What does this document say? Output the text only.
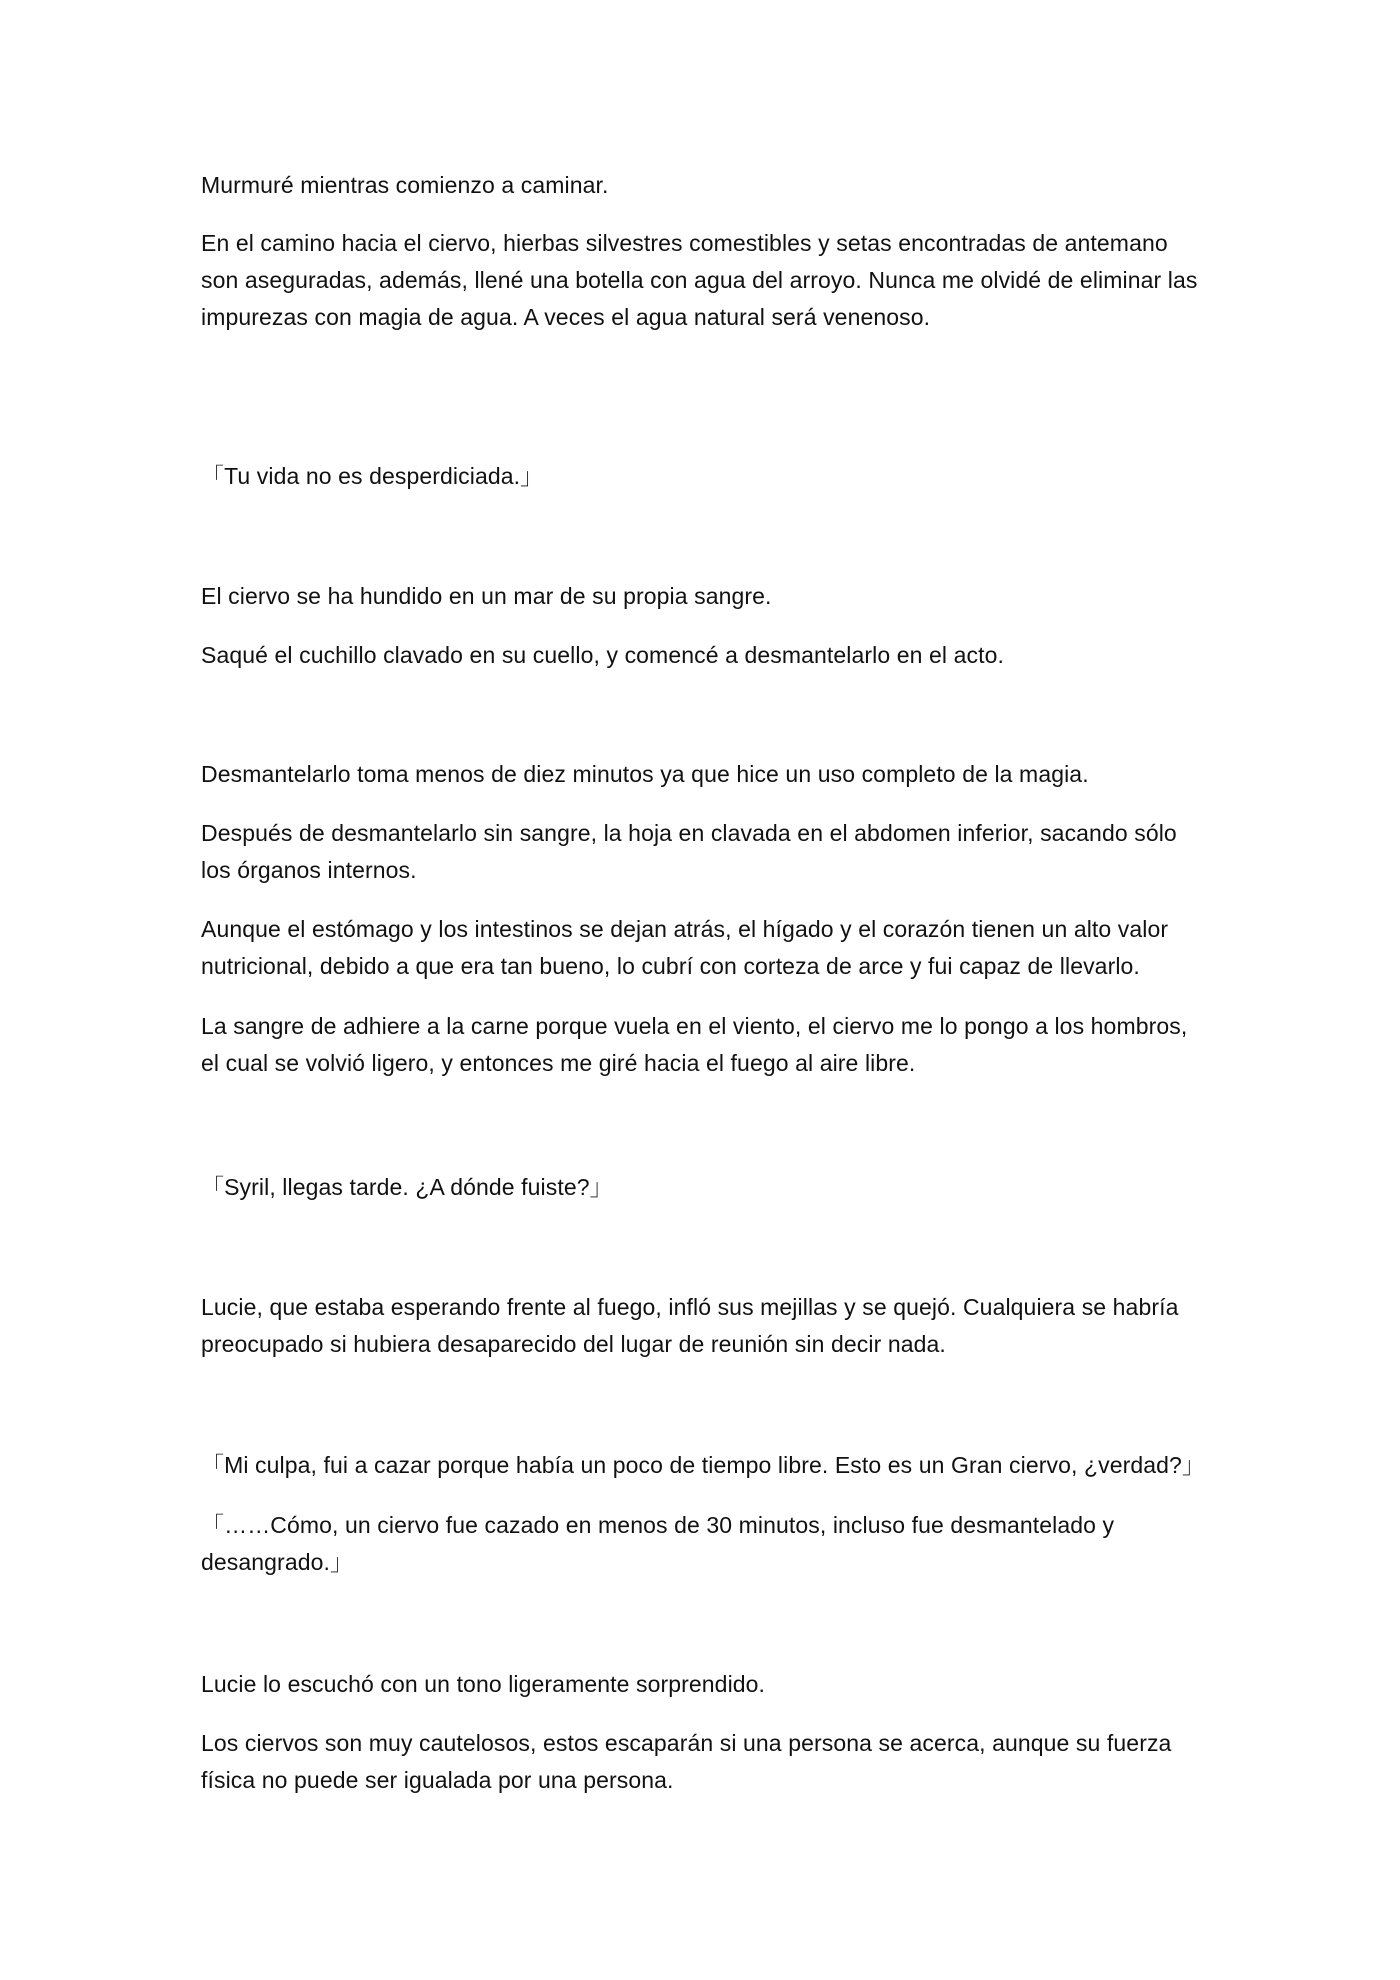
Murmuré mientras comienzo a caminar.

En el camino hacia el ciervo, hierbas silvestres comestibles y setas encontradas de antemano son aseguradas, además, llené una botella con agua del arroyo. Nunca me olvidé de eliminar las impurezas con magia de agua. A veces el agua natural será venenoso.

「Tu vida no es desperdiciada.」

El ciervo se ha hundido en un mar de su propia sangre.

Saqué el cuchillo clavado en su cuello, y comencé a desmantelarlo en el acto.

Desmantelarlo toma menos de diez minutos ya que hice un uso completo de la magia.

Después de desmantelarlo sin sangre, la hoja en clavada en el abdomen inferior, sacando sólo los órganos internos.

Aunque el estómago y los intestinos se dejan atrás, el hígado y el corazón tienen un alto valor nutricional, debido a que era tan bueno, lo cubrí con corteza de arce y fui capaz de llevarlo.

La sangre de adhiere a la carne porque vuela en el viento, el ciervo me lo pongo a los hombros, el cual se volvió ligero, y entonces me giré hacia el fuego al aire libre.

「Syril, llegas tarde. ¿A dónde fuiste?」

Lucie, que estaba esperando frente al fuego, infló sus mejillas y se quejó. Cualquiera se habría preocupado si hubiera desaparecido del lugar de reunión sin decir nada.

「Mi culpa, fui a cazar porque había un poco de tiempo libre. Esto es un Gran ciervo, ¿verdad?」

「……Cómo, un ciervo fue cazado en menos de 30 minutos, incluso fue desmantelado y desangrado.」

Lucie lo escuchó con un tono ligeramente sorprendido.

Los ciervos son muy cautelosos, estos escaparán si una persona se acerca, aunque su fuerza física no puede ser igualada por una persona.
